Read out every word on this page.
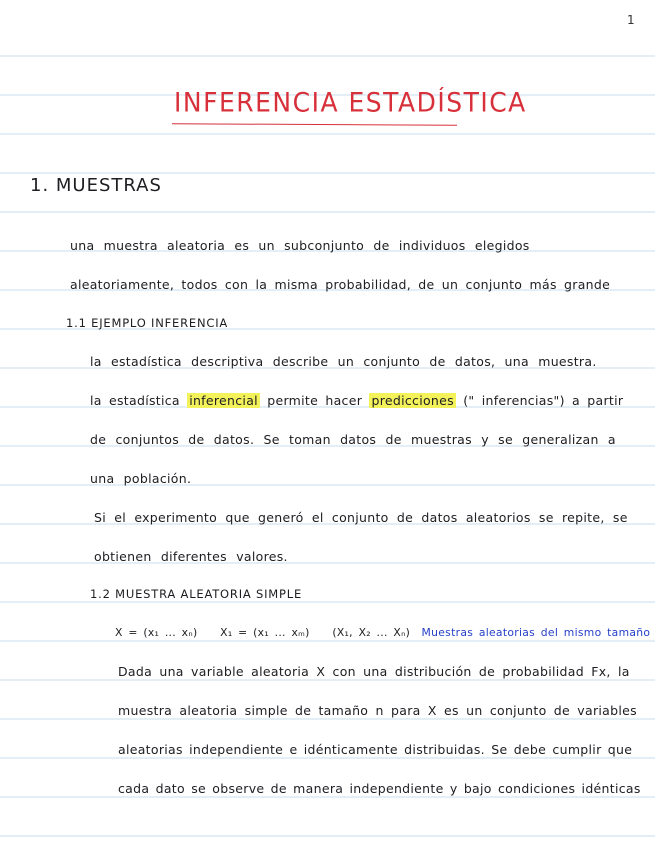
1
INFERENCIA ESTADÍSTICA
1. MUESTRAS
una muestra aleatoria es un subconjunto de individuos elegidos
aleatoriamente, todos con la misma probabilidad, de un conjunto más grande
1.1 EJEMPLO INFERENCIA
la estadística descriptiva describe un conjunto de datos, una muestra.
la estadística inferencial permite hacer predicciones (" inferencias") a partir
de conjuntos de datos. Se toman datos de muestras y se generalizan a
una población.
Si el experimento que generó el conjunto de datos aleatorios se repite, se
obtienen diferentes valores.
1.2 MUESTRA ALEATORIA SIMPLE
X = (x₁ ... xₙ) X₁ = (x₁ ... xₘ) (X₁, X₂ ... Xₙ) Muestras aleatorias del mismo tamaño
Dada una variable aleatoria X con una distribución de probabilidad Fx, la
muestra aleatoria simple de tamaño n para X es un conjunto de variables
aleatorias independiente e idénticamente distribuidas. Se debe cumplir que
cada dato se observe de manera independiente y bajo condiciones idénticas
